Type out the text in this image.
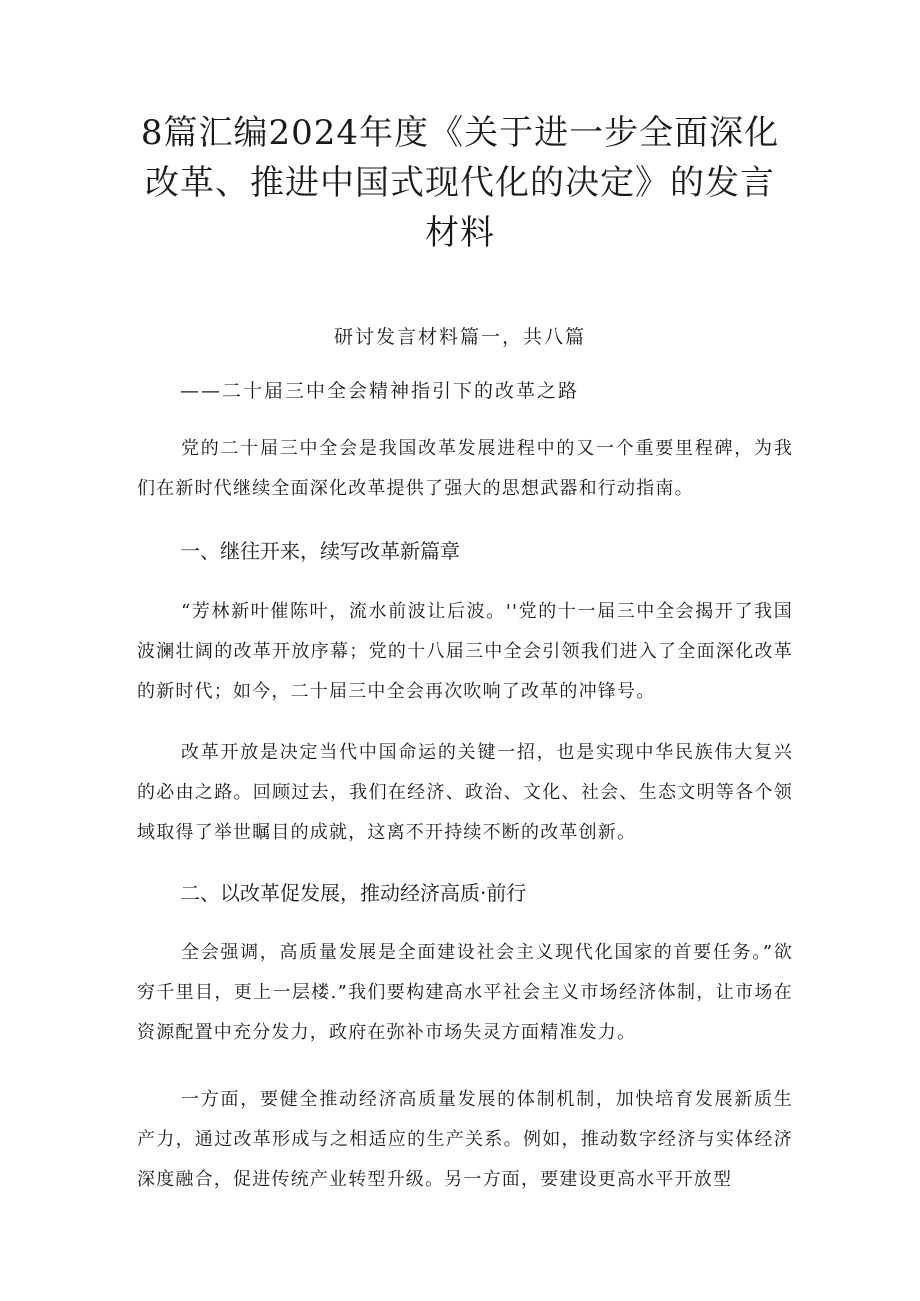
8篇汇编2024年度《关于进一步全面深化改革、推进中国式现代化的决定》的发言材料
研讨发言材料篇一，共八篇
——二十届三中全会精神指引下的改革之路

党的二十届三中全会是我国改革发展进程中的又一个重要里程碑，为我们在新时代继续全面深化改革提供了强大的思想武器和行动指南。

一、继往开来，续写改革新篇章

“芳林新叶催陈叶，流水前波让后波。''党的十一届三中全会揭开了我国波澜壮阔的改革开放序幕；党的十八届三中全会引领我们进入了全面深化改革的新时代；如今，二十届三中全会再次吹响了改革的冲锋号。

改革开放是决定当代中国命运的关键一招，也是实现中华民族伟大复兴的必由之路。回顾过去，我们在经济、政治、文化、社会、生态文明等各个领域取得了举世瞩目的成就，这离不开持续不断的改革创新。

二、以改革促发展，推动经济高质·前行

全会强调，高质量发展是全面建设社会主义现代化国家的首要任务。”欲穷千里目，更上一层楼.”我们要构建高水平社会主义市场经济体制，让市场在资源配置中充分发力，政府在弥补市场失灵方面精准发力。

一方面，要健全推动经济高质量发展的体制机制，加快培育发展新质生产力，通过改革形成与之相适应的生产关系。例如，推动数字经济与实体经济深度融合，促进传统产业转型升级。另一方面，要建设更高水平开放型
